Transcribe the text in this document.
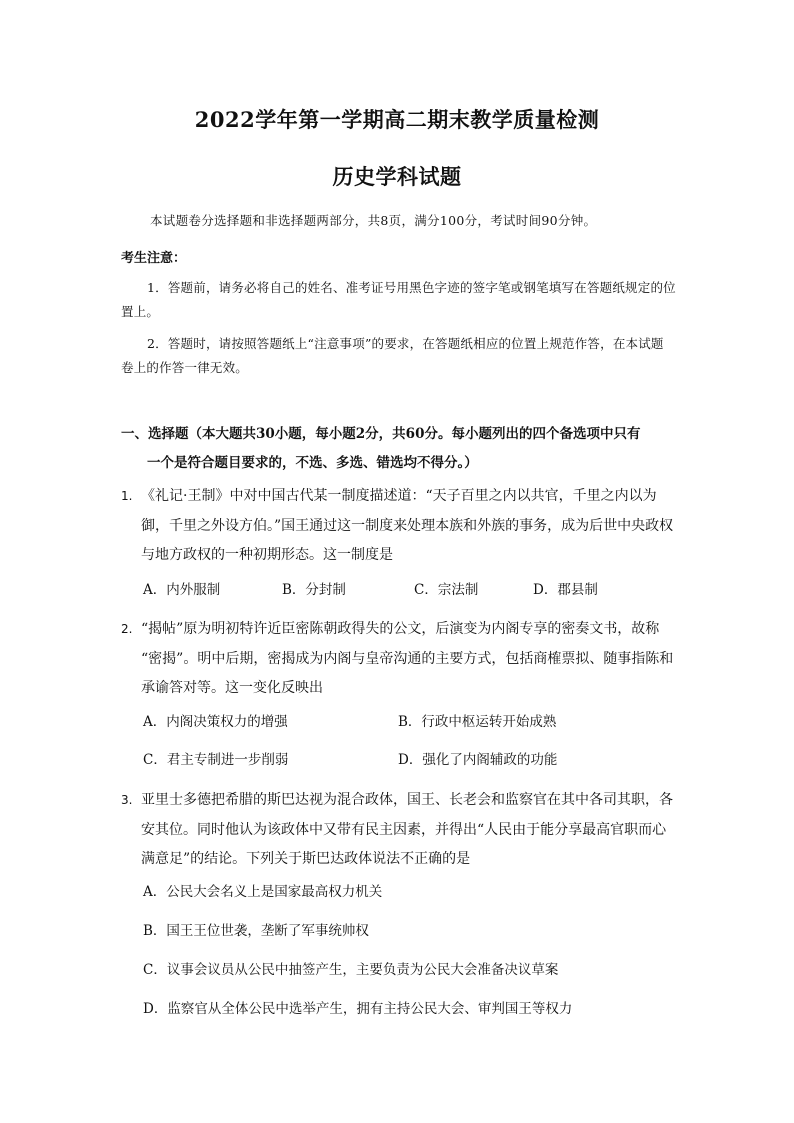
2022学年第一学期高二期末教学质量检测
历史学科试题
本试题卷分选择题和非选择题两部分，共8页，满分100分，考试时间90分钟。
考生注意：
1．答题前，请务必将自己的姓名、准考证号用黑色字迹的签字笔或钢笔填写在答题纸规定的位置上。
2．答题时，请按照答题纸上“注意事项”的要求，在答题纸相应的位置上规范作答，在本试题卷上的作答一律无效。
一、选择题（本大题共30小题，每小题2分，共60分。每小题列出的四个备选项中只有
一个是符合题目要求的，不选、多选、错选均不得分。）
1. 《礼记·王制》中对中国古代某一制度描述道：“天子百里之内以共官，千里之内以为
御，千里之外设方伯。”国王通过这一制度来处理本族和外族的事务，成为后世中央政权
与地方政权的一种初期形态。这一制度是
A．内外服制	B．分封制	C．宗法制	D．郡县制
2. “揭帖”原为明初特许近臣密陈朝政得失的公文，后演变为内阁专享的密奏文书，故称
“密揭”。明中后期，密揭成为内阁与皇帝沟通的主要方式，包括商榷票拟、随事指陈和
承谕答对等。这一变化反映出
A．内阁决策权力的增强	B．行政中枢运转开始成熟
C．君主专制进一步削弱	D．强化了内阁辅政的功能
3. 亚里士多德把希腊的斯巴达视为混合政体，国王、长老会和监察官在其中各司其职，各
安其位。同时他认为该政体中又带有民主因素，并得出“人民由于能分享最高官职而心
满意足”的结论。下列关于斯巴达政体说法不正确的是
A．公民大会名义上是国家最高权力机关
B．国王王位世袭，垄断了军事统帅权
C．议事会议员从公民中抽签产生，主要负责为公民大会准备决议草案
D．监察官从全体公民中选举产生，拥有主持公民大会、审判国王等权力
